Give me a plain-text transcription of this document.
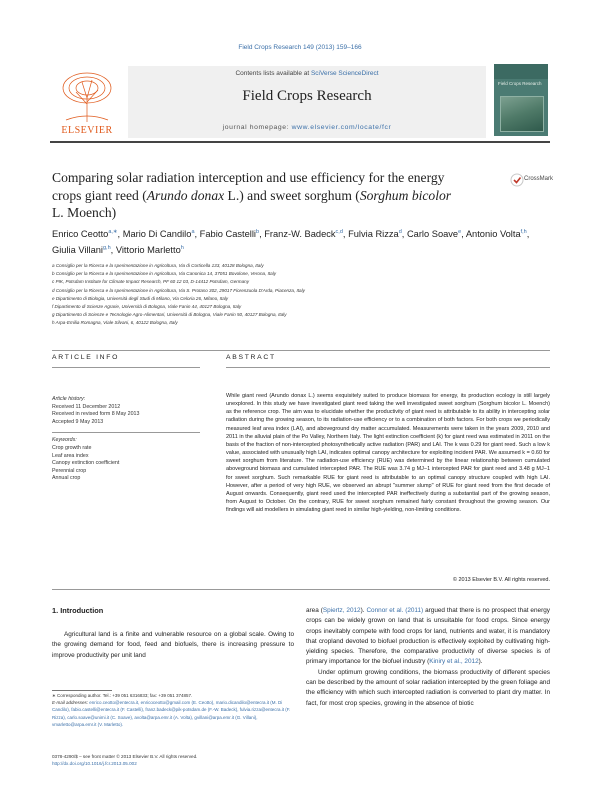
Field Crops Research 149 (2013) 159–166
ELSEVIER
Contents lists available at SciVerse ScienceDirect
Field Crops Research
journal homepage: www.elsevier.com/locate/fcr
Field Crops Research
Comparing solar radiation interception and use efficiency for the energy crops giant reed (Arundo donax L.) and sweet sorghum (Sorghum bicolor L. Moench)
CrossMark
Enrico Ceotto$^{a,∗}$, Mario Di Candilo$^a$, Fabio Castelli$^b$, Franz-W. Badeck$^{c,d}$, Fulvia Rizza$^d$, Carlo Soave$^e$, Antonio Volta$^{f,h}$, Giulia Villani$^{g,h}$, Vittorio Marletto$^h$
a Consiglio per la Ricerca e la sperimentazione in Agricoltura, Via di Corticella 133, 40128 Bologna, Italy
b Consiglio per la Ricerca e la sperimentazione in Agricoltura, Via Canonica 14, 37051 Bovolone, Verona, Italy
c PIK, Potsdam Institute for Climate Impact Research, PF 60 12 03, D-14412 Potsdam, Germany
d Consiglio per la Ricerca e la sperimentazione in Agricoltura, Via S. Protaso 302, 29017 Fiorenzuola D'Arda, Piacenza, Italy
e Dipartimento di Biologia, Università degli Studi di Milano, Via Celoria 26, Milano, Italy
f Dipartimento di Scienze Agrarie, Università di Bologna, Viale Fanin 44, 40127 Bologna, Italy
g Dipartimento di Scienze e Tecnologie Agro-Alimentari, Università di Bologna, Viale Fanin 50, 40127 Bologna, Italy
h Arpa-Emilia Romagna, Viale Silvani, 6, 40122 Bologna, Italy
ARTICLE INFO	ABSTRACT
Article history:
Received 11 December 2012
Received in revised form 8 May 2013
Accepted 9 May 2013
Keywords:
Crop growth rate
Leaf area index
Canopy extinction coefficient
Perennial crop
Annual crop
While giant reed (Arundo donax L.) seems exquisitely suited to produce biomass for energy, its production ecology is still largely unexplored. In this study we have investigated giant reed taking the well investigated sweet sorghum (Sorghum bicolor L. Moench) as the reference crop. The aim was to elucidate whether the productivity of giant reed is attributable to its ability in intercepting solar radiation during the growing season, to its radiation-use efficiency or to a combination of both factors. For both crops we periodically measured leaf area index (LAI), and aboveground dry matter accumulated. Measurements were taken in the years 2009, 2010 and 2011 in the alluvial plain of the Po Valley, Northern Italy. The light extinction coefficient (k) for giant reed was estimated in 2011 on the basis of the fraction of non-intercepted photosynthetically active radiation (PAR) and LAI. The k was 0.29 for giant reed. Such a low k value, associated with unusually high LAI, indicates optimal canopy architecture for exploiting incident PAR. We assumed k = 0.60 for sweet sorghum from literature. The radiation-use efficiency (RUE) was determined by the linear relationship between cumulated aboveground biomass and cumulated intercepted PAR. The RUE was 3.74 g MJ−1 intercepted PAR for giant reed and 3.48 g MJ−1 for sweet sorghum. Such remarkable RUE for giant reed is attributable to an optimal canopy structure coupled with high LAI. However, after a period of very high RUE, we observed an abrupt "summer slump" of RUE for giant reed from the first decade of August onwards. Consequently, giant reed used the intercepted PAR ineffectively during a substantial part of the growing season, from August to October. On the contrary, RUE for sweet sorghum remained fairly constant throughout the growing season. Our findings will aid modellers in simulating giant reed in similar high-yielding, non-limiting conditions.
© 2013 Elsevier B.V. All rights reserved.
1. Introduction
Agricultural land is a finite and vulnerable resource on a global scale. Owing to the growing demand for food, feed and biofuels, there is increasing pressure to improve productivity per unit land
∗ Corresponding author. Tel.: +39 051 6316833; fax: +39 051 374857.
E-mail addresses: enrico.ceotto@entecra.it, enricoceotto@gmail.com (E. Ceotto), mario.dicandilo@entecra.it (M. Di Candilo), fabio.castelli@entecra.it (F. Castelli), franz.badeck@pik-potsdam.de (F.-W. Badeck), fulvia.rizza@entecra.it (F. Rizza), carlo.soave@unimi.it (C. Soave), avolta@arpa.emr.it (A. Volta), gvillani@arpa.emr.it (G. Villani), vmarletto@arpa.emr.it (V. Marletto).
0378-4290/$ – see front matter © 2013 Elsevier B.V. All rights reserved.
http://dx.doi.org/10.1016/j.fcr.2013.05.002

area (Spiertz, 2012). Connor et al. (2011) argued that there is no prospect that energy crops can be widely grown on land that is unsuitable for food crops. Since energy crops inevitably compete with food crops for land, nutrients and water, it is mandatory that cropland devoted to biofuel production is effectively exploited by cultivating high-yielding species. Therefore, the comparative productivity of diverse species is of primary importance for the biofuel industry (Kiniry et al., 2012).

Under optimum growing conditions, the biomass productivity of different species can be described by the amount of solar radiation intercepted by the green foliage and the efficiency with which such intercepted radiation is converted to plant dry matter. In fact, for most crop species, growing in the absence of biotic
